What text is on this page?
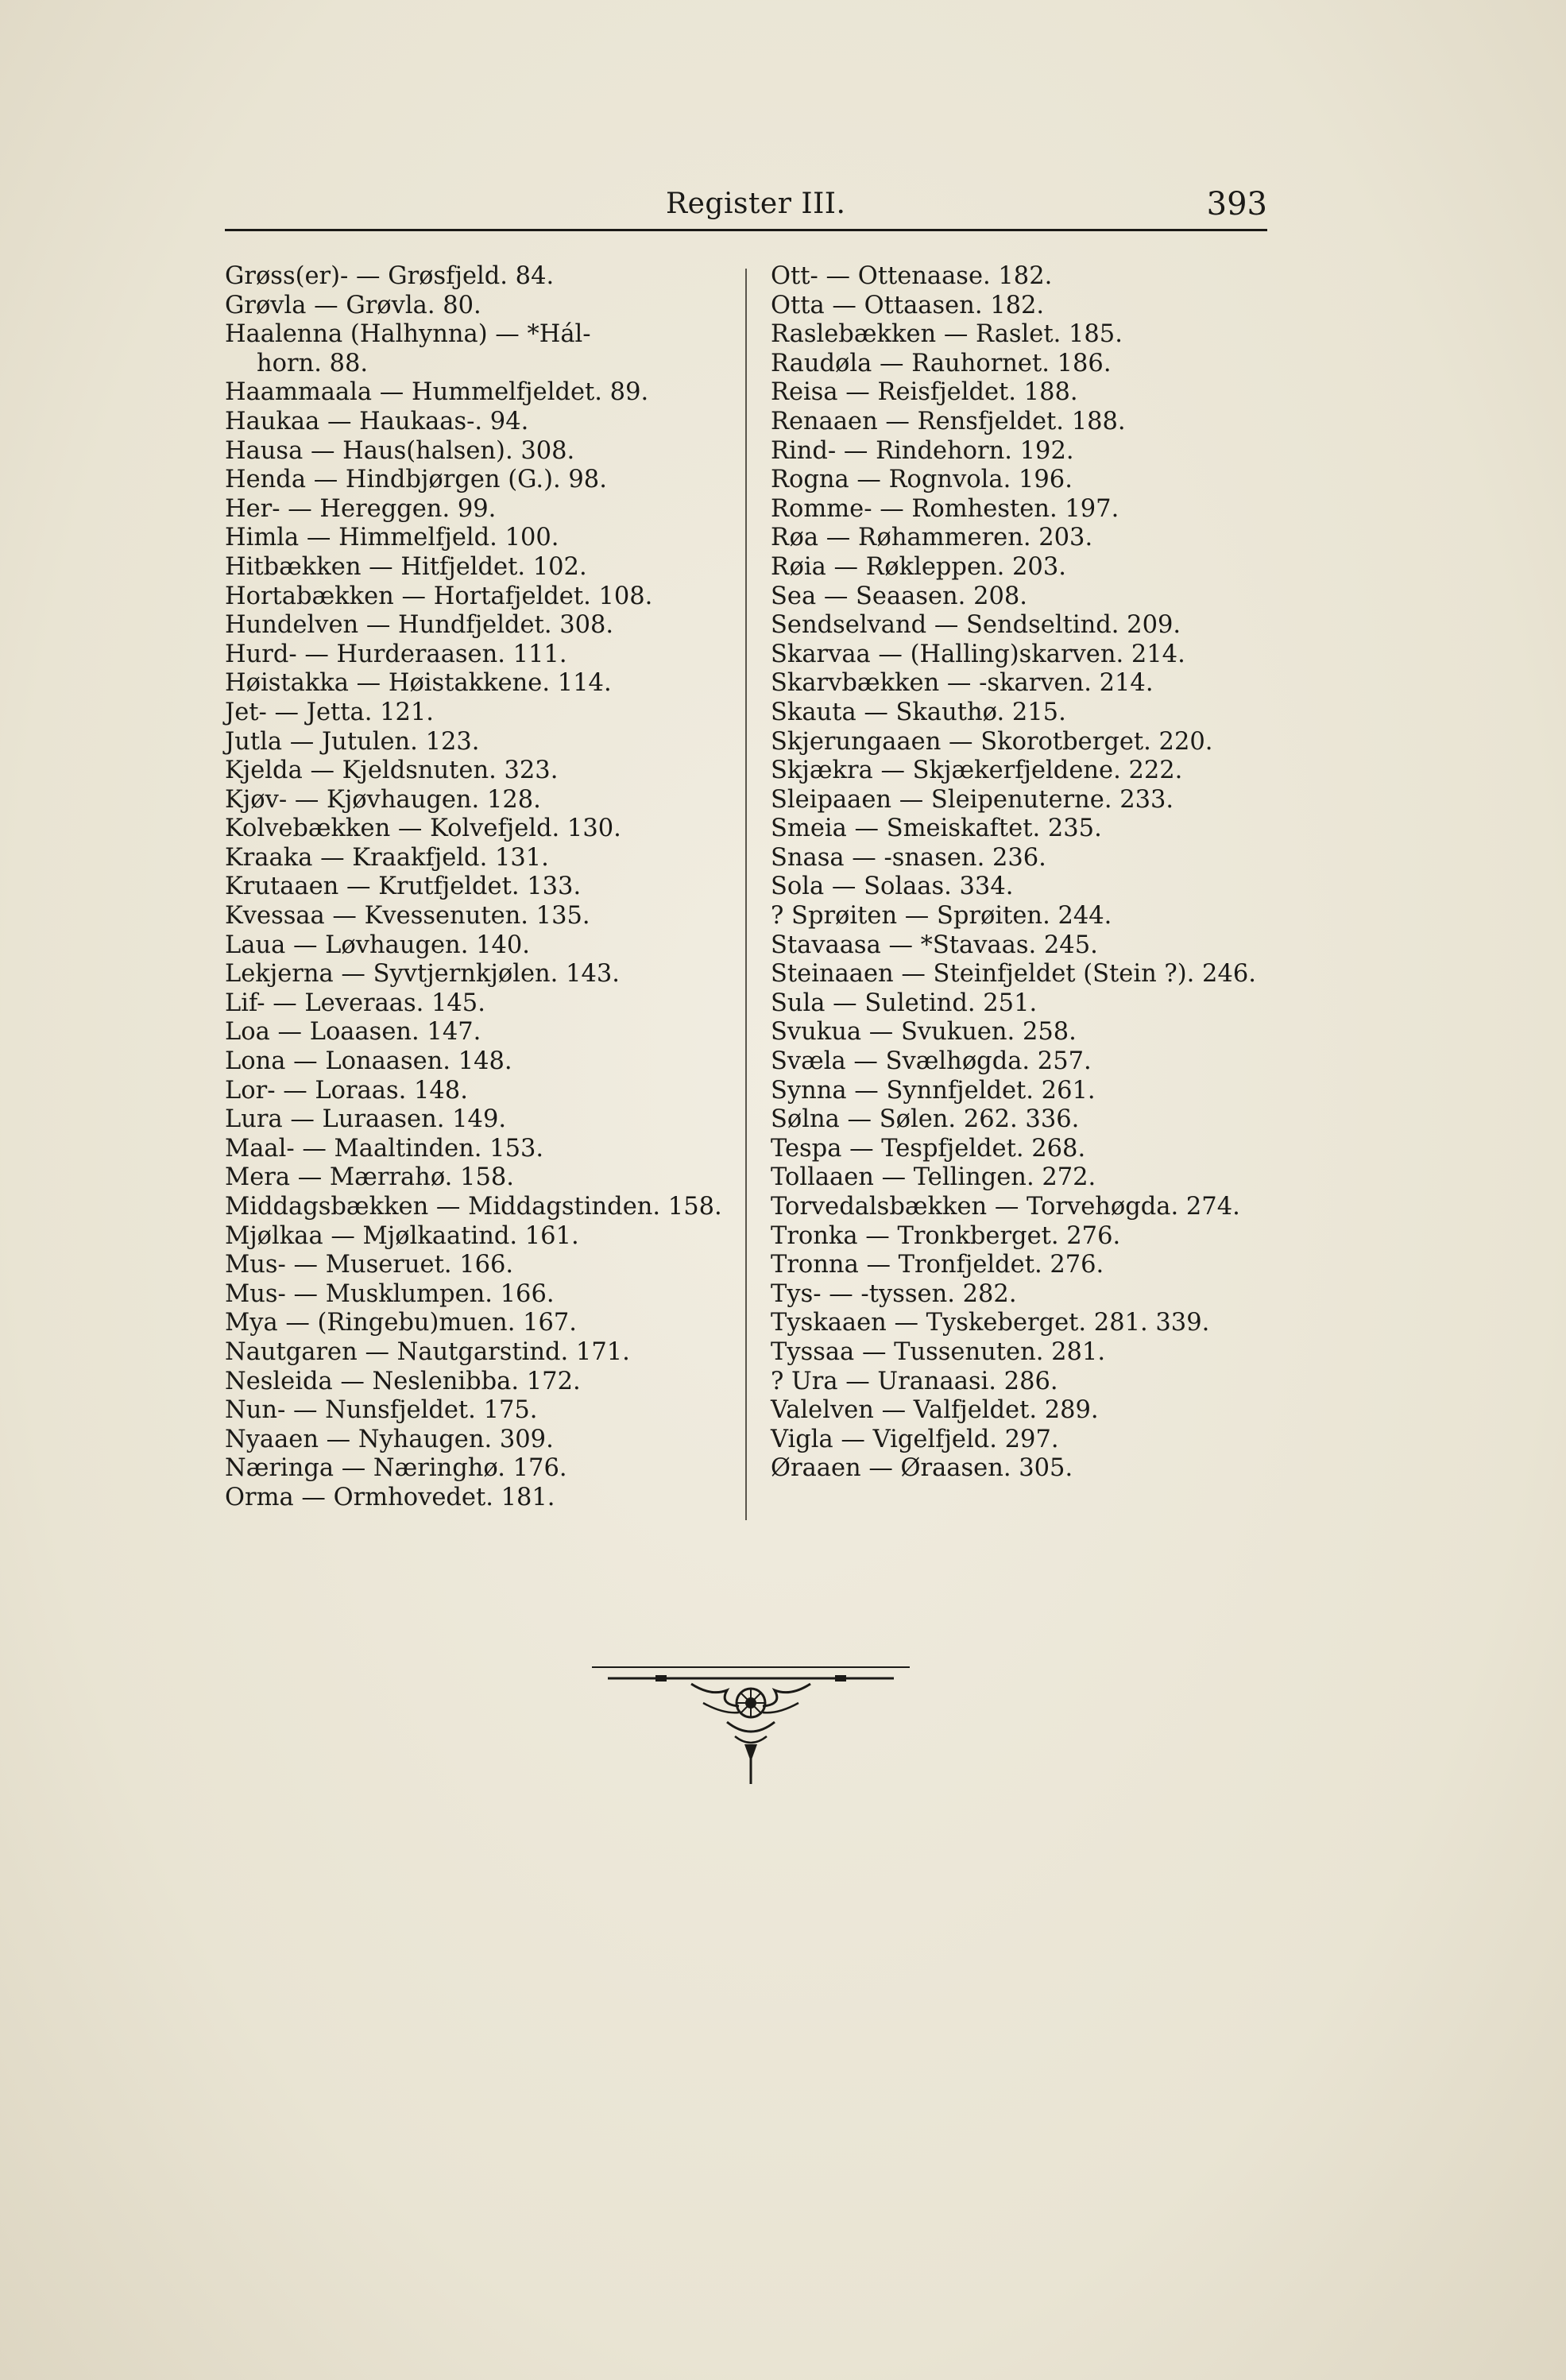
Register III.	393
Grøss(er)- — Grøsfjeld. 84.
Grøvla — Grøvla. 80.
Haalenna (Halhynna) — *Hál-
horn. 88.
Haammaala — Hummelfjeldet. 89.
Haukaa — Haukaas-. 94.
Hausa — Haus(halsen). 308.
Henda — Hindbjørgen (G.). 98.
Her- — Hereggen. 99.
Himla — Himmelfjeld. 100.
Hitbækken — Hitfjeldet. 102.
Hortabækken — Hortafjeldet. 108.
Hundelven — Hundfjeldet. 308.
Hurd- — Hurderaasen. 111.
Høistakka — Høistakkene. 114.
Jet- — Jetta. 121.
Jutla — Jutulen. 123.
Kjelda — Kjeldsnuten. 323.
Kjøv- — Kjøvhaugen. 128.
Kolvebækken — Kolvefjeld. 130.
Kraaka — Kraakfjeld. 131.
Krutaaen — Krutfjeldet. 133.
Kvessaa — Kvessenuten. 135.
Laua — Løvhaugen. 140.
Lekjerna — Syvtjernkjølen. 143.
Lif- — Leveraas. 145.
Loa — Loaasen. 147.
Lona — Lonaasen. 148.
Lor- — Loraas. 148.
Lura — Luraasen. 149.
Maal- — Maaltinden. 153.
Mera — Mærrahø. 158.
Middagsbækken — Middagstinden. 158.
Mjølkaa — Mjølkaatind. 161.
Mus- — Museruet. 166.
Mus- — Musklumpen. 166.
Mya — (Ringebu)muen. 167.
Nautgaren — Nautgarstind. 171.
Nesleida — Neslenibba. 172.
Nun- — Nunsfjeldet. 175.
Nyaaen — Nyhaugen. 309.
Næringa — Næringhø. 176.
Orma — Ormhovedet. 181.
Ott- — Ottenaase. 182.
Otta — Ottaasen. 182.
Raslebækken — Raslet. 185.
Raudøla — Rauhornet. 186.
Reisa — Reisfjeldet. 188.
Renaaen — Rensfjeldet. 188.
Rind- — Rindehorn. 192.
Rogna — Rognvola. 196.
Romme- — Romhesten. 197.
Røa — Røhammeren. 203.
Røia — Røkleppen. 203.
Sea — Seaasen. 208.
Sendselvand — Sendseltind. 209.
Skarvaa — (Halling)skarven. 214.
Skarvbækken — -skarven. 214.
Skauta — Skauthø. 215.
Skjerungaaen — Skorotberget. 220.
Skjækra — Skjækerfjeldene. 222.
Sleipaaen — Sleipenuterne. 233.
Smeia — Smeiskaftet. 235.
Snasa — -snasen. 236.
Sola — Solaas. 334.
? Sprøiten — Sprøiten. 244.
Stavaasa — *Stavaas. 245.
Steinaaen — Steinfjeldet (Stein ?). 246.
Sula — Suletind. 251.
Svukua — Svukuen. 258.
Svæla — Svælhøgda. 257.
Synna — Synnfjeldet. 261.
Sølna — Sølen. 262. 336.
Tespa — Tespfjeldet. 268.
Tollaaen — Tellingen. 272.
Torvedalsbækken — Torvehøgda. 274.
Tronka — Tronkberget. 276.
Tronna — Tronfjeldet. 276.
Tys- — -tyssen. 282.
Tyskaaen — Tyskeberget. 281. 339.
Tyssaa — Tussenuten. 281.
? Ura — Uranaasi. 286.
Valelven — Valfjeldet. 289.
Vigla — Vigelfjeld. 297.
Øraaen — Øraasen. 305.
